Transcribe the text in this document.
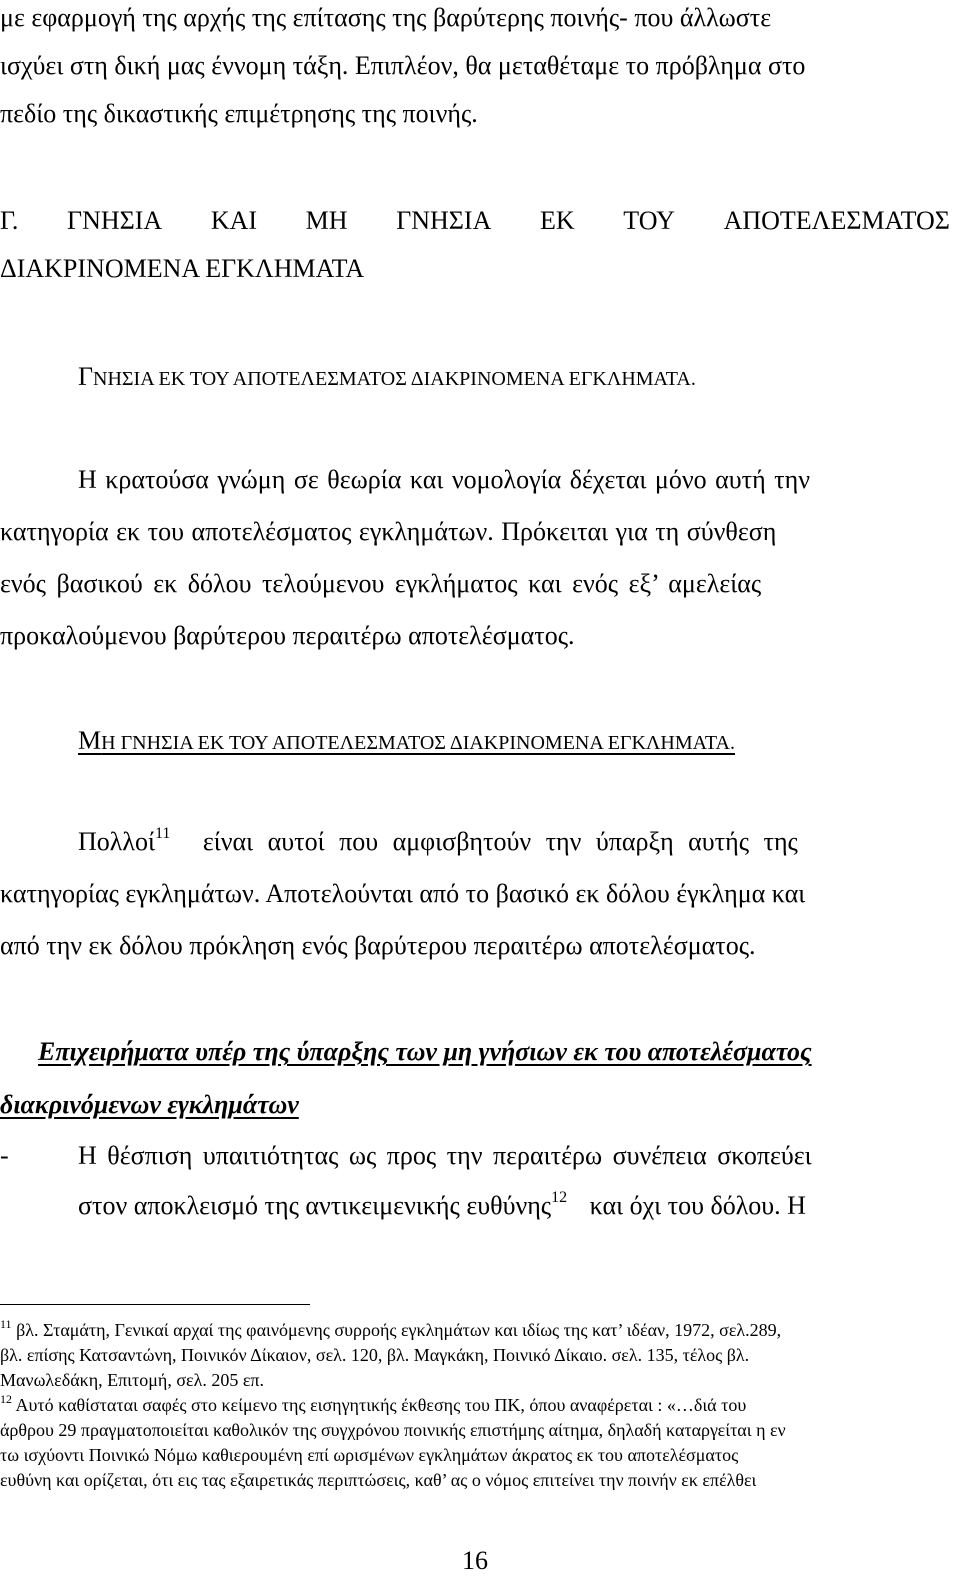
με εφαρμογή της αρχής της επίτασης της βαρύτερης ποινής- που άλλωστε
ισχύει στη δική μας έννομη τάξη. Επιπλέον, θα μεταθέταμε το πρόβλημα στο
πεδίο της δικαστικής επιμέτρησης της ποινής.
Γ. ΓΝΗΣΙΑ ΚΑΙ ΜΗ ΓΝΗΣΙΑ ΕΚ ΤΟΥ ΑΠΟΤΕΛΕΣΜΑΤΟΣ
ΔΙΑΚΡΙΝΟΜΕΝΑ ΕΓΚΛΗΜΑΤΑ
ΓΝΗΣΙΑ ΕΚ ΤΟΥ ΑΠΟΤΕΛΕΣΜΑΤΟΣ ΔΙΑΚΡΙΝΟΜΕΝΑ ΕΓΚΛΗΜΑΤΑ.
Η κρατούσα γνώμη σε θεωρία και νομολογία δέχεται μόνο αυτή την
κατηγορία εκ του αποτελέσματος εγκλημάτων. Πρόκειται για τη σύνθεση
ενός βασικού εκ δόλου τελούμενου εγκλήματος και ενός εξ’ αμελείας
προκαλούμενου βαρύτερου περαιτέρω αποτελέσματος.
ΜΗ ΓΝΗΣΙΑ ΕΚ ΤΟΥ ΑΠΟΤΕΛΕΣΜΑΤΟΣ ΔΙΑΚΡΙΝΟΜΕΝΑ ΕΓΚΛΗΜΑΤΑ.
Πολλοί$^{11}$ είναι αυτοί που αμφισβητούν την ύπαρξη αυτής της
κατηγορίας εγκλημάτων. Αποτελούνται από το βασικό εκ δόλου έγκλημα και
από την εκ δόλου πρόκληση ενός βαρύτερου περαιτέρω αποτελέσματος.
Επιχειρήματα υπέρ της ύπαρξης των μη γνήσιων εκ του αποτελέσματος
διακρινόμενων εγκλημάτων
-	Η θέσπιση υπαιτιότητας ως προς την περαιτέρω συνέπεια σκοπεύει
στον αποκλεισμό της αντικειμενικής ευθύνης$^{12}$ και όχι του δόλου. Η
$^{11}$ βλ. Σταμάτη, Γενικαί αρχαί της φαινόμενης συρροής εγκλημάτων και ιδίως της κατ’ ιδέαν, 1972, σελ.289,
βλ. επίσης Κατσαντώνη, Ποινικόν Δίκαιον, σελ. 120, βλ. Μαγκάκη, Ποινικό Δίκαιο. σελ. 135, τέλος βλ.
Μανωλεδάκη, Επιτομή, σελ. 205 επ.
$^{12}$ Αυτό καθίσταται σαφές στο κείμενο της εισηγητικής έκθεσης του ΠΚ, όπου αναφέρεται : «…διά του
άρθρου 29 πραγματοποιείται καθολικόν της συγχρόνου ποινικής επιστήμης αίτημα, δηλαδή καταργείται η εν
τω ισχύοντι Ποινικώ Νόμω καθιερουμένη επί ωρισμένων εγκλημάτων άκρατος εκ του αποτελέσματος
ευθύνη και ορίζεται, ότι εις τας εξαιρετικάς περιπτώσεις, καθ’ ας ο νόμος επιτείνει την ποινήν εκ επέλθει
16
